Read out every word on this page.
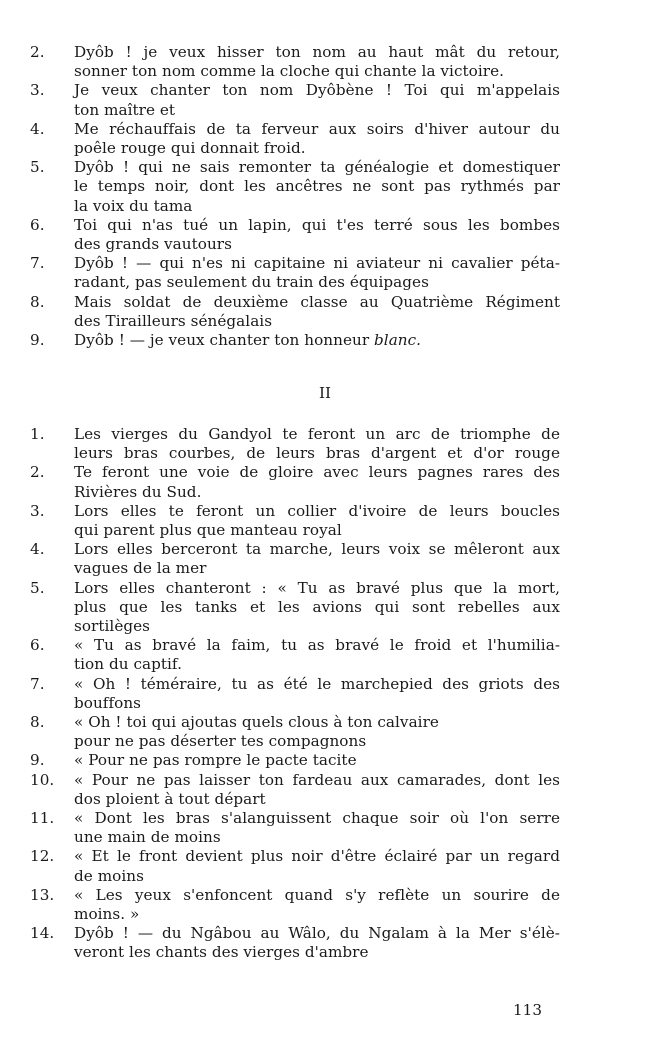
2.	Dyôb ! je veux hisser ton nom au haut mât du retour,
sonner ton nom comme la cloche qui chante la victoire.
3.	Je veux chanter ton nom Dyôbène ! Toi qui m'appelais
ton maître et
4.	Me réchauffais de ta ferveur aux soirs d'hiver autour du
poêle rouge qui donnait froid.
5.	Dyôb ! qui ne sais remonter ta généalogie et domestiquer
le temps noir, dont les ancêtres ne sont pas rythmés par
la voix du tama
6.	Toi qui n'as tué un lapin, qui t'es terré sous les bombes
des grands vautours
7.	Dyôb ! — qui n'es ni capitaine ni aviateur ni cavalier péta-
radant, pas seulement du train des équipages
8.	Mais soldat de deuxième classe au Quatrième Régiment
des Tirailleurs sénégalais
9.	Dyôb ! — je veux chanter ton honneur blanc.
II
1.	Les vierges du Gandyol te feront un arc de triomphe de
leurs bras courbes, de leurs bras d'argent et d'or rouge
2.	Te feront une voie de gloire avec leurs pagnes rares des
Rivières du Sud.
3.	Lors elles te feront un collier d'ivoire de leurs boucles
qui parent plus que manteau royal
4.	Lors elles berceront ta marche, leurs voix se mêleront aux
vagues de la mer
5.	Lors elles chanteront : « Tu as bravé plus que la mort,
plus que les tanks et les avions qui sont rebelles aux
sortilèges
6.	« Tu as bravé la faim, tu as bravé le froid et l'humilia-
tion du captif.
7.	« Oh ! téméraire, tu as été le marchepied des griots des
bouffons
8.	« Oh ! toi qui ajoutas quels clous à ton calvaire
pour ne pas déserter tes compagnons
9.	« Pour ne pas rompre le pacte tacite
10.	« Pour ne pas laisser ton fardeau aux camarades, dont les
dos ploient à tout départ
11.	« Dont les bras s'alanguissent chaque soir où l'on serre
une main de moins
12.	« Et le front devient plus noir d'être éclairé par un regard
de moins
13.	« Les yeux s'enfoncent quand s'y reflète un sourire de
moins. »
14.	Dyôb ! — du Ngâbou au Wâlo, du Ngalam à la Mer s'élè-
veront les chants des vierges d'ambre
113
